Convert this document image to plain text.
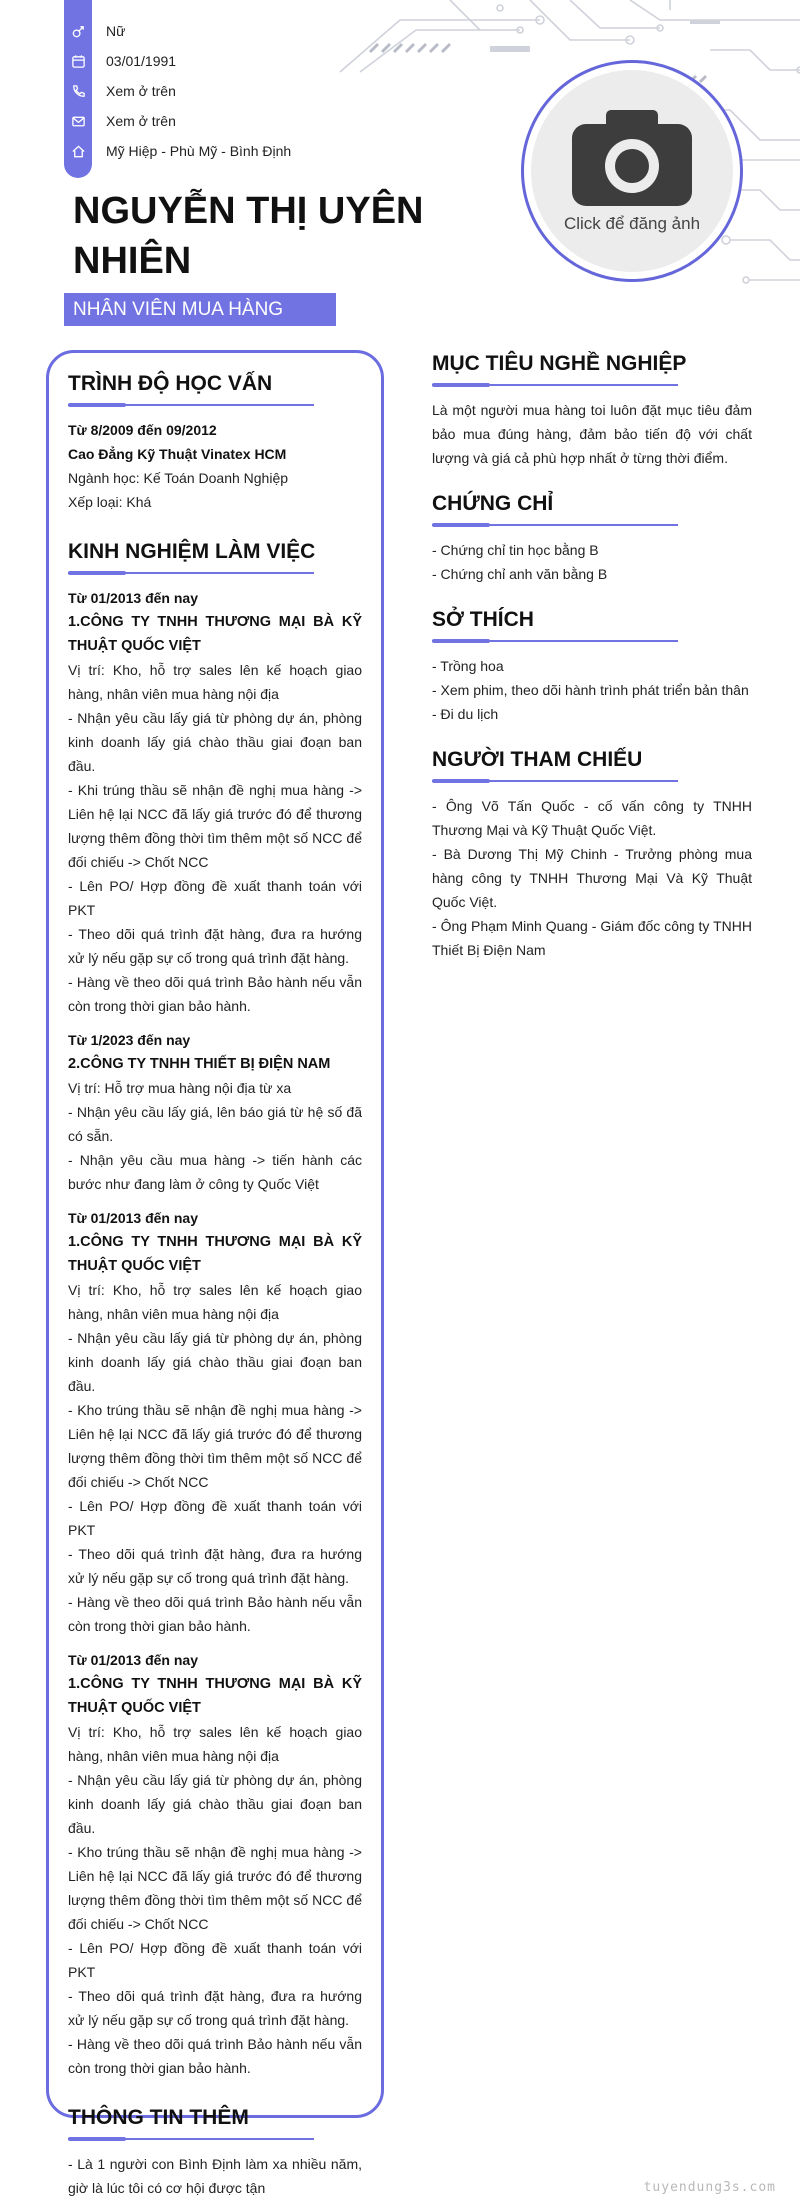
Nữ
03/01/1991
Xem ở trên
Xem ở trên
Mỹ Hiệp - Phù Mỹ - Bình Định
Click để đăng ảnh
NGUYỄN THỊ UYÊN
NHIÊN
NHÂN VIÊN MUA HÀNG
TRÌNH ĐỘ HỌC VẤN
Từ 8/2009 đến 09/2012
Cao Đẳng Kỹ Thuật Vinatex HCM
Ngành học: Kế Toán Doanh Nghiệp
Xếp loại: Khá
KINH NGHIỆM LÀM VIỆC
Từ 01/2013 đến nay
1.CÔNG TY TNHH THƯƠNG MẠI BÀ KỸ THUẬT QUỐC VIỆT
Vị trí: Kho, hỗ trợ sales lên kế hoạch giao hàng, nhân viên mua hàng nội địa
- Nhận yêu cầu lấy giá từ phòng dự án, phòng kinh doanh lấy giá chào thầu giai đoạn ban đầu.
- Khi trúng thầu sẽ nhận đề nghị mua hàng -> Liên hệ lại NCC đã lấy giá trước đó để thương lượng thêm đồng thời tìm thêm một số NCC để đối chiếu -> Chốt NCC
- Lên PO/ Hợp đồng đề xuất thanh toán với PKT
- Theo dõi quá trình đặt hàng, đưa ra hướng xử lý nếu gặp sự cố trong quá trình đặt hàng.
- Hàng về theo dõi quá trình Bảo hành nếu vẫn còn trong thời gian bảo hành.
Từ 1/2023 đến nay
2.CÔNG TY TNHH THIẾT BỊ ĐIỆN NAM
Vị trí: Hỗ trợ mua hàng nội địa từ xa
- Nhận yêu cầu lấy giá, lên báo giá từ hệ số đã có sẵn.
- Nhận yêu cầu mua hàng -> tiến hành các bước như đang làm ở công ty Quốc Việt
Từ 01/2013 đến nay
1.CÔNG TY TNHH THƯƠNG MẠI BÀ KỸ THUẬT QUỐC VIỆT
Vị trí: Kho, hỗ trợ sales lên kế hoạch giao hàng, nhân viên mua hàng nội địa
- Nhận yêu cầu lấy giá từ phòng dự án, phòng kinh doanh lấy giá chào thầu giai đoạn ban đầu.
- Kho trúng thầu sẽ nhận đề nghị mua hàng -> Liên hệ lại NCC đã lấy giá trước đó để thương lượng thêm đồng thời tìm thêm một số NCC để đối chiếu -> Chốt NCC
- Lên PO/ Hợp đồng đề xuất thanh toán với PKT
- Theo dõi quá trình đặt hàng, đưa ra hướng xử lý nếu gặp sự cố trong quá trình đặt hàng.
- Hàng về theo dõi quá trình Bảo hành nếu vẫn còn trong thời gian bảo hành.
Từ 01/2013 đến nay
1.CÔNG TY TNHH THƯƠNG MẠI BÀ KỸ THUẬT QUỐC VIỆT
Vị trí: Kho, hỗ trợ sales lên kế hoạch giao hàng, nhân viên mua hàng nội địa
- Nhận yêu cầu lấy giá từ phòng dự án, phòng kinh doanh lấy giá chào thầu giai đoạn ban đầu.
- Kho trúng thầu sẽ nhận đề nghị mua hàng -> Liên hệ lại NCC đã lấy giá trước đó để thương lượng thêm đồng thời tìm thêm một số NCC để đối chiếu -> Chốt NCC
- Lên PO/ Hợp đồng đề xuất thanh toán với PKT
- Theo dõi quá trình đặt hàng, đưa ra hướng xử lý nếu gặp sự cố trong quá trình đặt hàng.
- Hàng về theo dõi quá trình Bảo hành nếu vẫn còn trong thời gian bảo hành.
THÔNG TIN THÊM
- Là 1 người con Bình Định làm xa nhiều năm, giờ là lúc tôi có cơ hội được tận
MỤC TIÊU NGHỀ NGHIỆP
Là một người mua hàng toi luôn đặt mục tiêu đảm bảo mua đúng hàng, đảm bảo tiến độ với chất lượng và giá cả phù hợp nhất ở từng thời điểm.
CHỨNG CHỈ
- Chứng chỉ tin học bằng B
- Chứng chỉ anh văn bằng B
SỞ THÍCH
- Trồng hoa
- Xem phim, theo dõi hành trình phát triển bản thân
- Đi du lịch
NGƯỜI THAM CHIẾU
- Ông Võ Tấn Quốc - cố vấn công ty TNHH Thương Mại và Kỹ Thuật Quốc Việt.
- Bà Dương Thị Mỹ Chinh - Trưởng phòng mua hàng công ty TNHH Thương Mại Và Kỹ Thuật Quốc Việt.
- Ông Phạm Minh Quang - Giám đốc công ty TNHH Thiết Bị Điện Nam
tuyendung3s.com
